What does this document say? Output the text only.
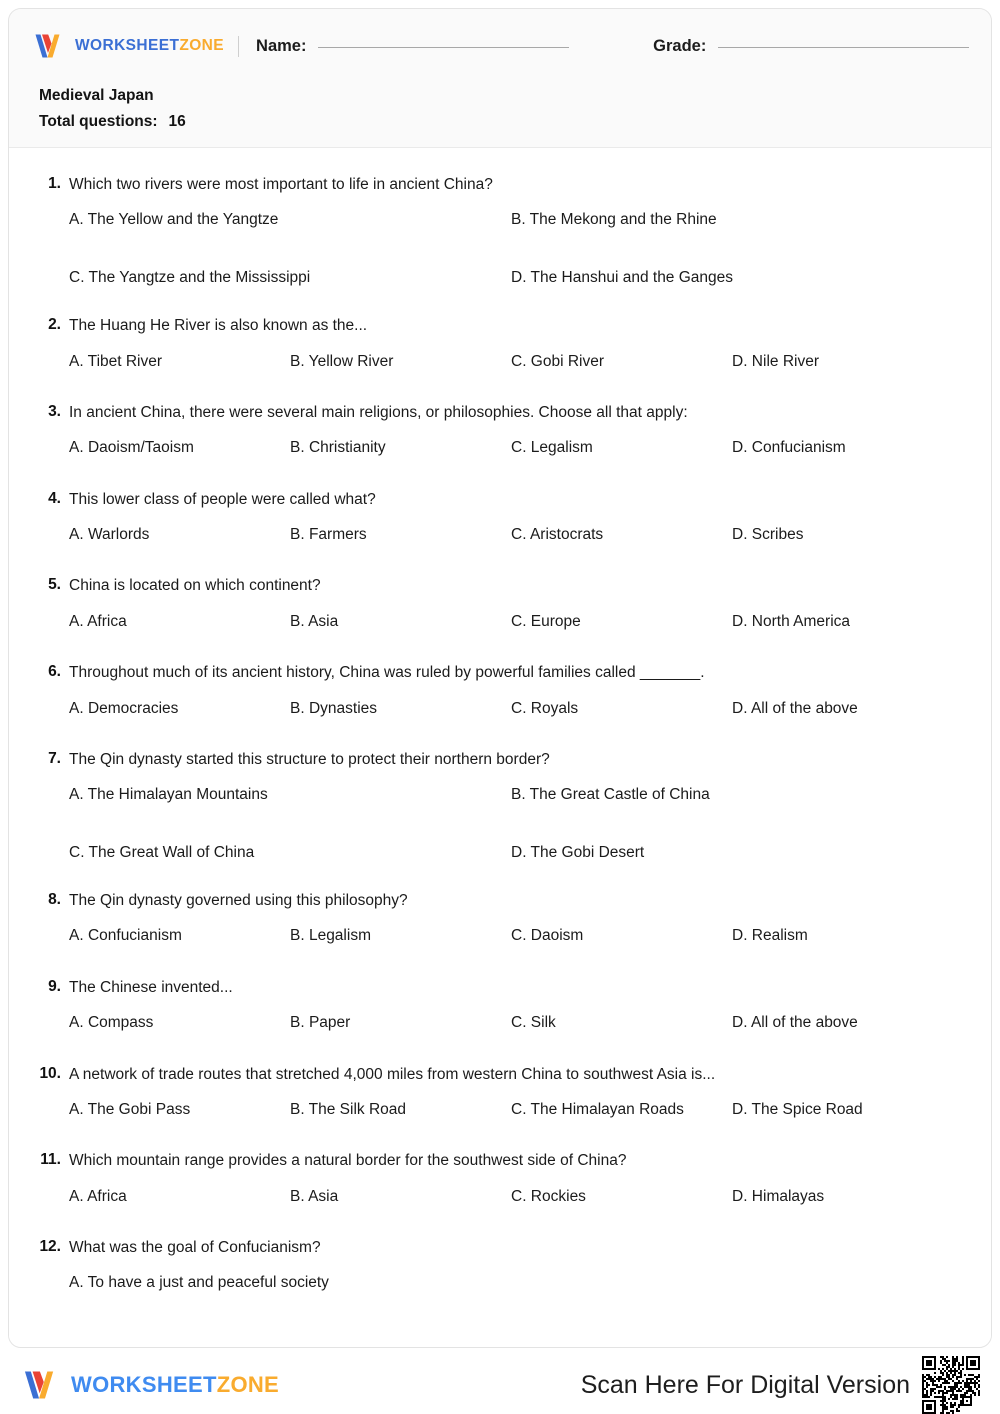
WORKSHEETZONE Name:	Grade:
Medieval Japan
Total questions: 16
1. Which two rivers were most important to life in ancient China?
A. The Yellow and the Yangtze	B. The Mekong and the Rhine
C. The Yangtze and the Mississippi	D. The Hanshui and the Ganges
2. The Huang He River is also known as the...
A. Tibet River	B. Yellow River	C. Gobi River	D. Nile River
3. In ancient China, there were several main religions, or philosophies. Choose all that apply:
A. Daoism/Taoism	B. Christianity	C. Legalism	D. Confucianism
4. This lower class of people were called what?
A. Warlords	B. Farmers	C. Aristocrats	D. Scribes
5. China is located on which continent?
A. Africa	B. Asia	C. Europe	D. North America
6. Throughout much of its ancient history, China was ruled by powerful families called _______.
A. Democracies	B. Dynasties	C. Royals	D. All of the above
7. The Qin dynasty started this structure to protect their northern border?
A. The Himalayan Mountains	B. The Great Castle of China
C. The Great Wall of China	D. The Gobi Desert
8. The Qin dynasty governed using this philosophy?
A. Confucianism	B. Legalism	C. Daoism	D. Realism
9. The Chinese invented...
A. Compass	B. Paper	C. Silk	D. All of the above
10. A network of trade routes that stretched 4,000 miles from western China to southwest Asia is...
A. The Gobi Pass	B. The Silk Road	C. The Himalayan Roads	D. The Spice Road
11. Which mountain range provides a natural border for the southwest side of China?
A. Africa	B. Asia	C. Rockies	D. Himalayas
12. What was the goal of Confucianism?
A. To have a just and peaceful society
WORKSHEETZONE	Scan Here For Digital Version
